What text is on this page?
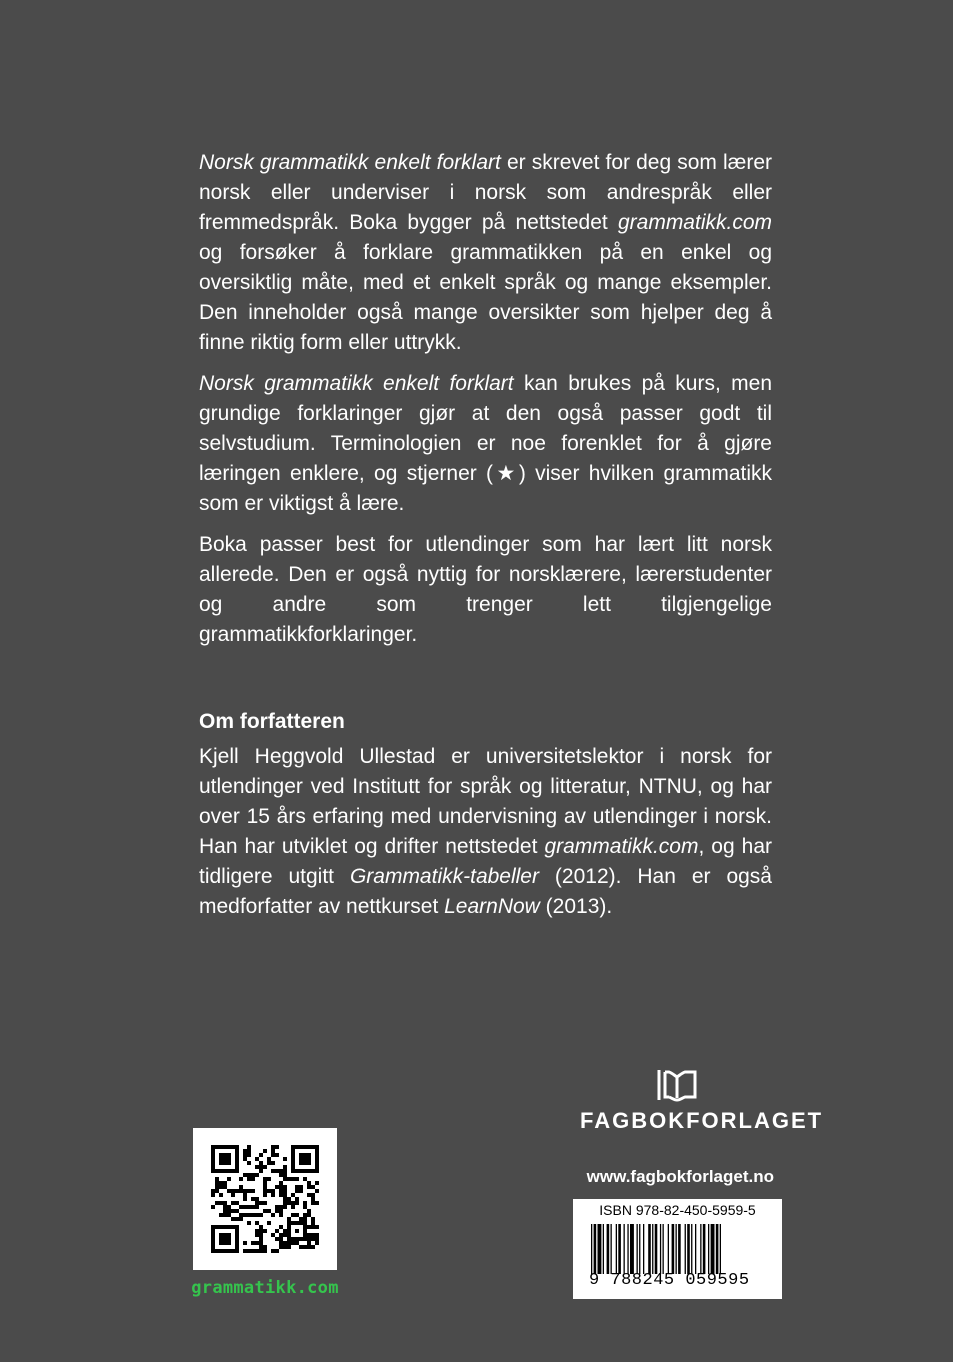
Norsk grammatikk enkelt forklart er skrevet for deg som lærer norsk eller underviser i norsk som andrespråk eller fremmedspråk. Boka bygger på nettstedet grammatikk.com og forsøker å forklare grammatikken på en enkel og oversiktlig måte, med et enkelt språk og mange eksempler. Den inneholder også mange oversikter som hjelper deg å finne riktig form eller uttrykk.

Norsk grammatikk enkelt forklart kan brukes på kurs, men grundige forklaringer gjør at den også passer godt til selvstudium. Terminologien er noe forenklet for å gjøre læringen enklere, og stjerner (★) viser hvilken grammatikk som er viktigst å lære.

Boka passer best for utlendinger som har lært litt norsk allerede. Den er også nyttig for norsklærere, lærerstudenter og andre som trenger lett tilgjengelige grammatikkforklaringer.

Om forfatteren

Kjell Heggvold Ullestad er universitetslektor i norsk for utlendinger ved Institutt for språk og litteratur, NTNU, og har over 15 års erfaring med undervisning av utlendinger i norsk. Han har utviklet og drifter nettstedet grammatikk.com, og har tidligere utgitt Grammatikk-tabeller (2012). Han er også medforfatter av nettkurset LearnNow (2013).

FAGBOKFORLAGET
www.fagbokforlaget.no
ISBN 978-82-450-5959-5
9 788245 059595
grammatikk.com
